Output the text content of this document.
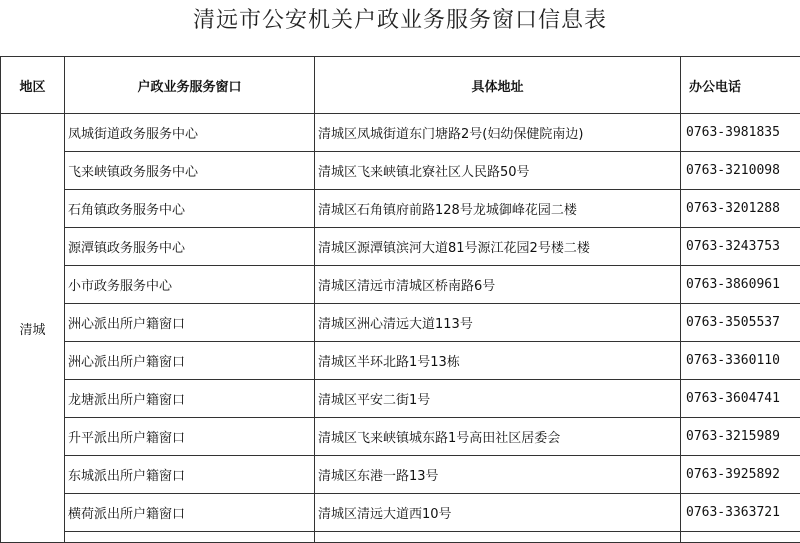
清远市公安机关户政业务服务窗口信息表
地区	户政业务服务窗口	具体地址	办公电话
清城	凤城街道政务服务中心	清城区凤城街道东门塘路2号(妇幼保健院南边)	0763-3981835
	飞来峡镇政务服务中心	清城区飞来峡镇北寮社区人民路50号	0763-3210098
	石角镇政务服务中心	清城区石角镇府前路128号龙城御峰花园二楼	0763-3201288
	源潭镇政务服务中心	清城区源潭镇滨河大道81号源江花园2号楼二楼	0763-3243753
	小市政务服务中心	清城区清远市清城区桥南路6号	0763-3860961
	洲心派出所户籍窗口	清城区洲心清远大道113号	0763-3505537
	洲心派出所户籍窗口	清城区半环北路1号13栋	0763-3360110
	龙塘派出所户籍窗口	清城区平安二街1号	0763-3604741
	升平派出所户籍窗口	清城区飞来峡镇城东路1号高田社区居委会	0763-3215989
	东城派出所户籍窗口	清城区东港一路13号	0763-3925892
	横荷派出所户籍窗口	清城区清远大道西10号	0763-3363721
